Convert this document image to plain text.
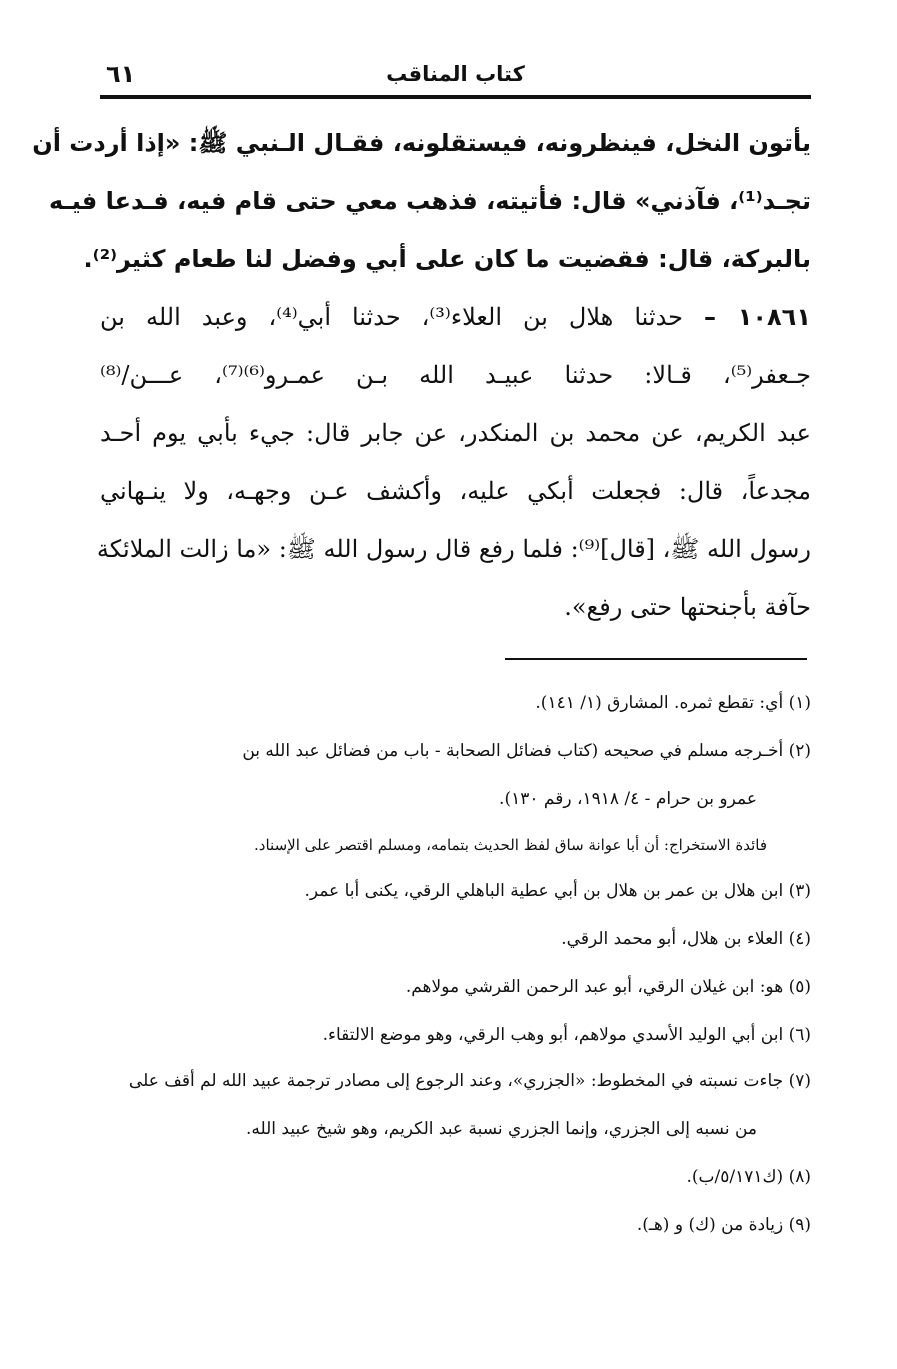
كتاب المناقب
٦١
يأتون النخل، فينظرونه، فيستقلونه، فقـال الـنبي ﷺ: «إذا أردت أن
تجـد⁽¹⁾، فآذني» قال: فأتيته، فذهب معي حتى قام فيه، فـدعا فيـه
بالبركة، قال: فقضيت ما كان على أبي وفضل لنا طعام كثير⁽²⁾.
١٠٨٦١ – حدثنا هلال بن العلاء⁽³⁾، حدثنا أبي⁽⁴⁾، وعبد الله بن
جـعفر⁽⁵⁾، قـالا: حدثنا عبيـد الله بـن عمـرو⁽⁶⁾⁽⁷⁾، عـــن/⁽⁸⁾
عبد الكريم، عن محمد بن المنكدر، عن جابر قال: جيء بأبي يوم أحـد
مجدعاً، قال: فجعلت أبكي عليه، وأكشف عـن وجهـه، ولا ينـهاني
رسول الله ﷺ، [قال]⁽⁹⁾: فلما رفع قال رسول الله ﷺ: «ما زالت الملائكة
حآفة بأجنحتها حتى رفع».
(١) أي: تقطع ثمره. المشارق (١/ ١٤١).
(٢) أخـرجه مسلم في صحيحه (كتاب فضائل الصحابة - باب من فضائل عبد الله بن
عمرو بن حرام - ٤/ ١٩١٨، رقم ١٣٠).
فائدة الاستخراج: أن أبا عوانة ساق لفظ الحديث بتمامه، ومسلم اقتصر على الإسناد.
(٣) ابن هلال بن عمر بن هلال بن أبي عطية الباهلي الرقي، يكنى أبا عمر.
(٤) العلاء بن هلال، أبو محمد الرقي.
(٥) هو: ابن غيلان الرقي، أبو عبد الرحمن القرشي مولاهم.
(٦) ابن أبي الوليد الأسدي مولاهم، أبو وهب الرقي، وهو موضع الالتقاء.
(٧) جاءت نسبته في المخطوط: «الجزري»، وعند الرجوع إلى مصادر ترجمة عبيد الله لم أقف على
من نسبه إلى الجزري، وإنما الجزري نسبة عبد الكريم، وهو شيخ عبيد الله.
(٨) (ك٥/١٧١/ب).
(٩) زيادة من (ك) و (هـ).
